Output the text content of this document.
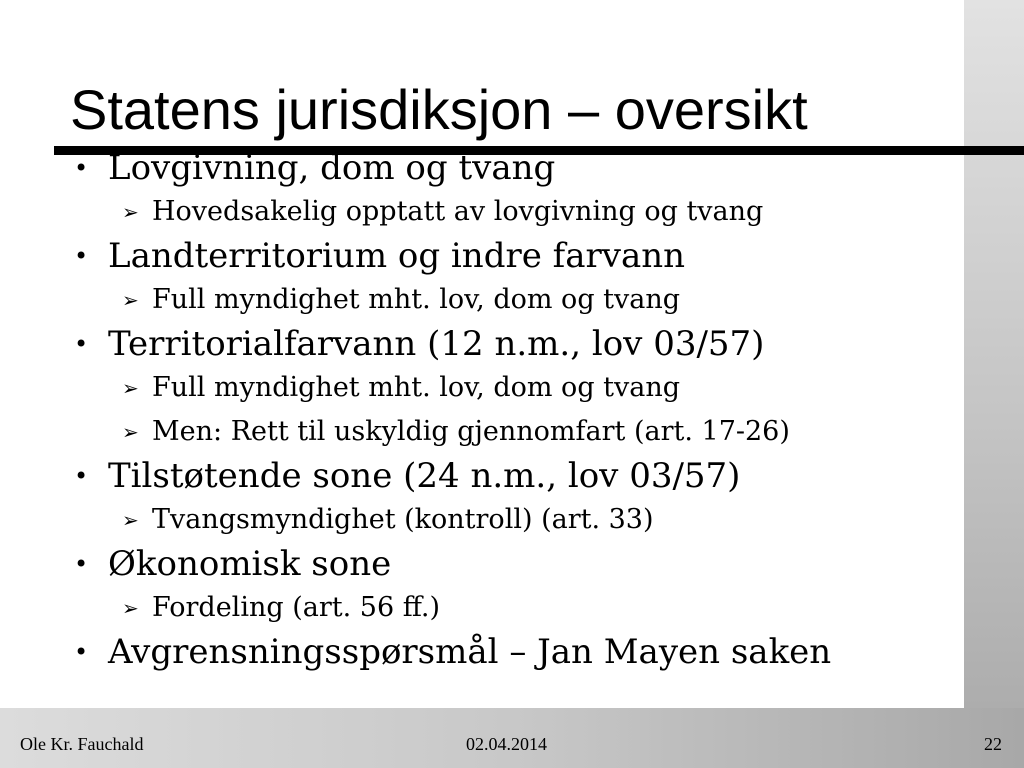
Statens jurisdiksjon – oversikt
• Lovgivning, dom og tvang
➢ Hovedsakelig opptatt av lovgivning og tvang
• Landterritorium og indre farvann
➢ Full myndighet mht. lov, dom og tvang
• Territorialfarvann (12 n.m., lov 03/57)
➢ Full myndighet mht. lov, dom og tvang
➢ Men: Rett til uskyldig gjennomfart (art. 17-26)
• Tilstøtende sone (24 n.m., lov 03/57)
➢ Tvangsmyndighet (kontroll) (art. 33)
• Økonomisk sone
➢ Fordeling (art. 56 ff.)
• Avgrensningsspørsmål – Jan Mayen saken
Ole Kr. Fauchald	02.04.2014	22
